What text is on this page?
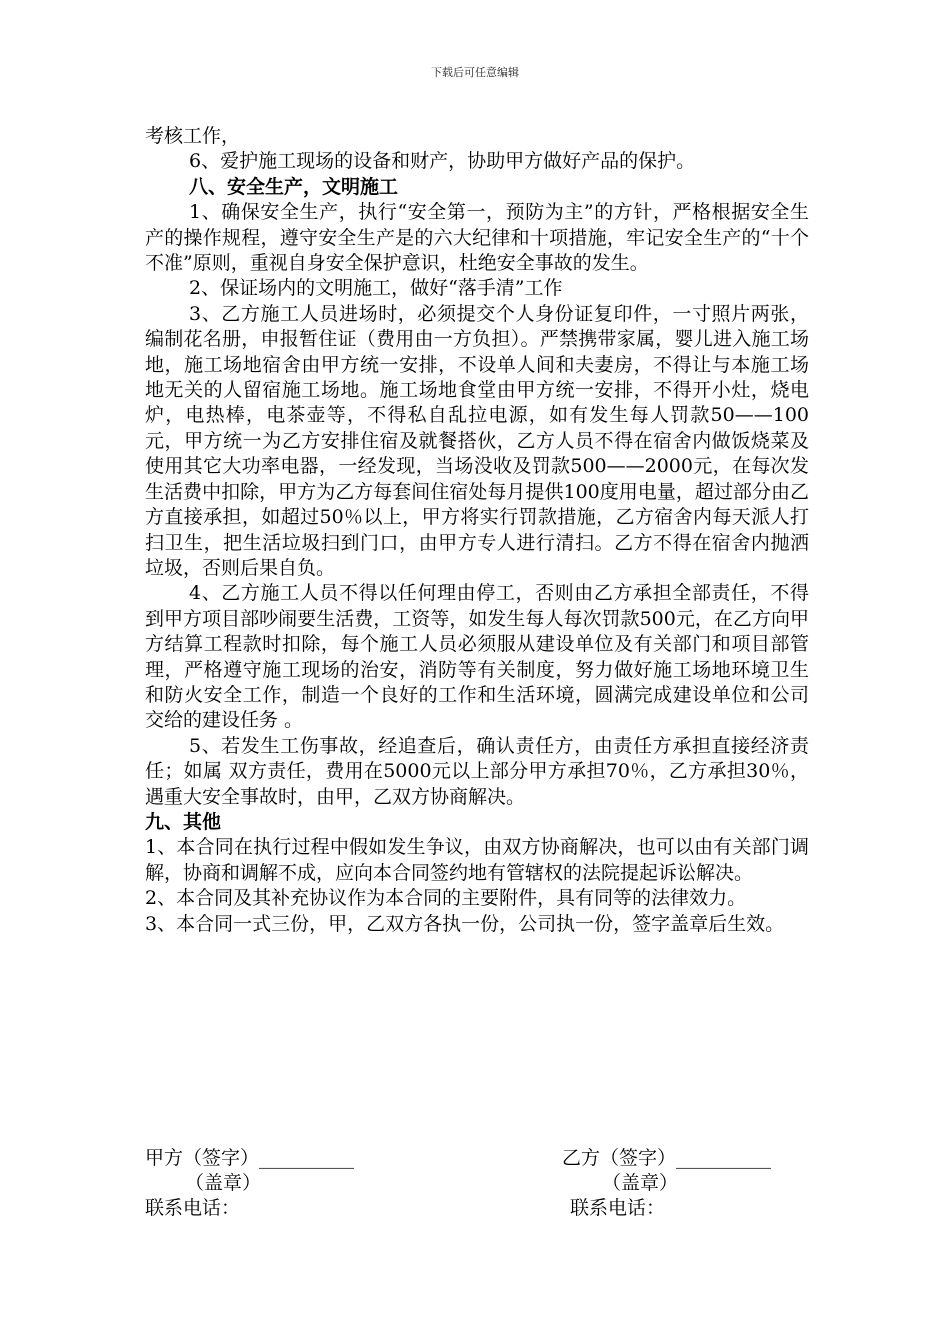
下载后可任意编辑

考核工作，

6、爱护施工现场的设备和财产，协助甲方做好产品的保护。

八、安全生产，文明施工

1、确保安全生产，执行“安全第一，预防为主”的方针，严格根据安全生产的操作规程，遵守安全生产是的六大纪律和十项措施，牢记安全生产的“十个不准”原则，重视自身安全保护意识，杜绝安全事故的发生。

2、保证场内的文明施工，做好“落手清”工作

3、乙方施工人员进场时，必须提交个人身份证复印件，一寸照片两张，编制花名册，申报暂住证（费用由一方负担）。严禁携带家属，婴儿进入施工场地，施工场地宿舍由甲方统一安排，不设单人间和夫妻房，不得让与本施工场地无关的人留宿施工场地。施工场地食堂由甲方统一安排，不得开小灶，烧电炉，电热棒，电茶壶等，不得私自乱拉电源，如有发生每人罚款50——100元，甲方统一为乙方安排住宿及就餐搭伙，乙方人员不得在宿舍内做饭烧菜及使用其它大功率电器，一经发现，当场没收及罚款500——2000元，在每次发生活费中扣除，甲方为乙方每套间住宿处每月提供100度用电量，超过部分由乙方直接承担，如超过50％以上，甲方将实行罚款措施，乙方宿舍内每天派人打扫卫生，把生活垃圾扫到门口，由甲方专人进行清扫。乙方不得在宿舍内抛洒垃圾，否则后果自负。

4、乙方施工人员不得以任何理由停工，否则由乙方承担全部责任，不得到甲方项目部吵闹要生活费，工资等，如发生每人每次罚款500元，在乙方向甲方结算工程款时扣除，每个施工人员必须服从建设单位及有关部门和项目部管理，严格遵守施工现场的治安，消防等有关制度，努力做好施工场地环境卫生和防火安全工作，制造一个良好的工作和生活环境，圆满完成建设单位和公司交给的建设任务 。

5、若发生工伤事故，经追查后，确认责任方，由责任方承担直接经济责任；如属 双方责任，费用在5000元以上部分甲方承担70％，乙方承担30％，遇重大安全事故时，由甲，乙双方协商解决。

九、其他

1、本合同在执行过程中假如发生争议，由双方协商解决，也可以由有关部门调解，协商和调解不成，应向本合同签约地有管辖权的法院提起诉讼解决。

2、本合同及其补充协议作为本合同的主要附件，具有同等的法律效力。

3、本合同一式三份，甲，乙双方各执一份，公司执一份，签字盖章后生效。

甲方（签字）__________	乙方（签字）__________
（盖章）	（盖章）
联系电话：	联系电话：
